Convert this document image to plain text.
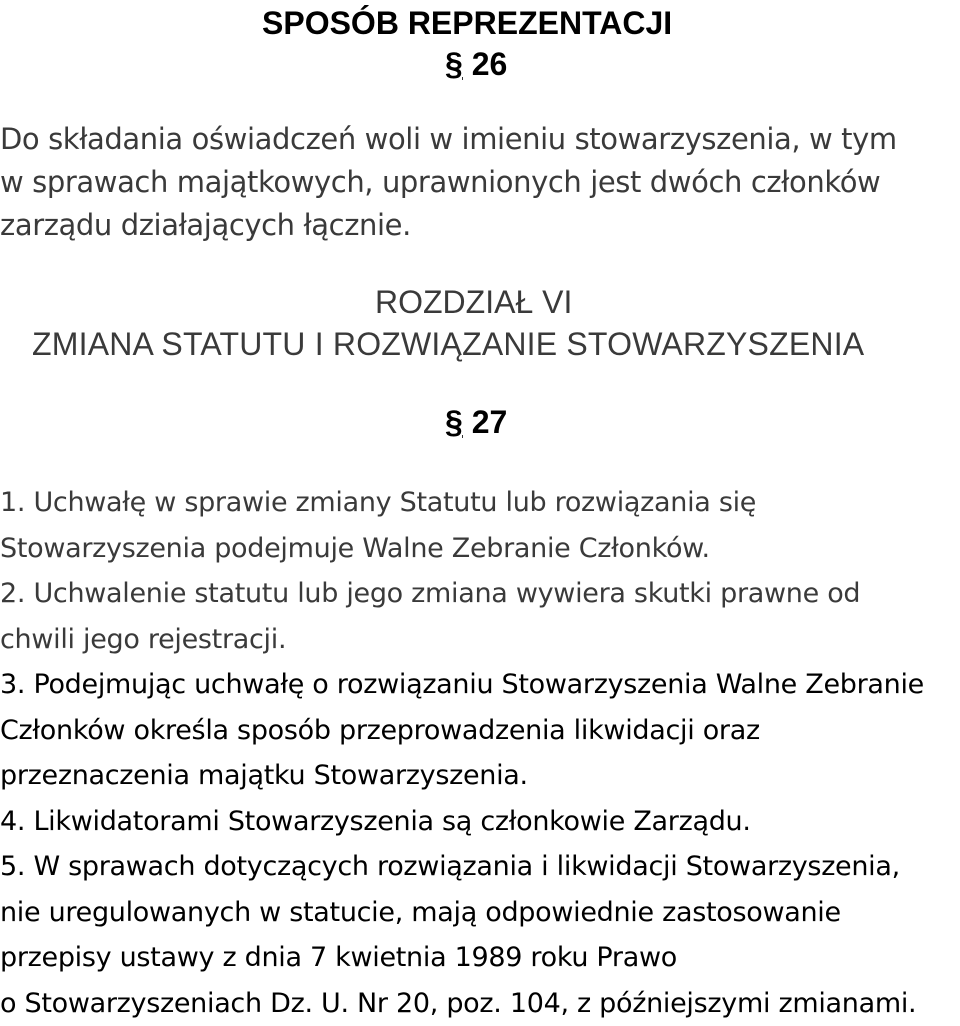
SPOSÓB REPREZENTACJI
§ 26
Do składania oświadczeń woli w imieniu stowarzyszenia, w tym
w sprawach majątkowych, uprawnionych jest dwóch członków
zarządu działających łącznie.
ROZDZIAŁ VI
ZMIANA STATUTU I ROZWIĄZANIE STOWARZYSZENIA
§ 27
1. Uchwałę w sprawie zmiany Statutu lub rozwiązania się
Stowarzyszenia podejmuje Walne Zebranie Członków.
2. Uchwalenie statutu lub jego zmiana wywiera skutki prawne od
chwili jego rejestracji.
3. Podejmując uchwałę o rozwiązaniu Stowarzyszenia Walne Zebranie
Członków określa sposób przeprowadzenia likwidacji oraz
przeznaczenia majątku Stowarzyszenia.
4. Likwidatorami Stowarzyszenia są członkowie Zarządu.
5. W sprawach dotyczących rozwiązania i likwidacji Stowarzyszenia,
nie uregulowanych w statucie, mają odpowiednie zastosowanie
przepisy ustawy z dnia 7 kwietnia 1989 roku Prawo
o Stowarzyszeniach Dz. U. Nr 20, poz. 104, z późniejszymi zmianami.
